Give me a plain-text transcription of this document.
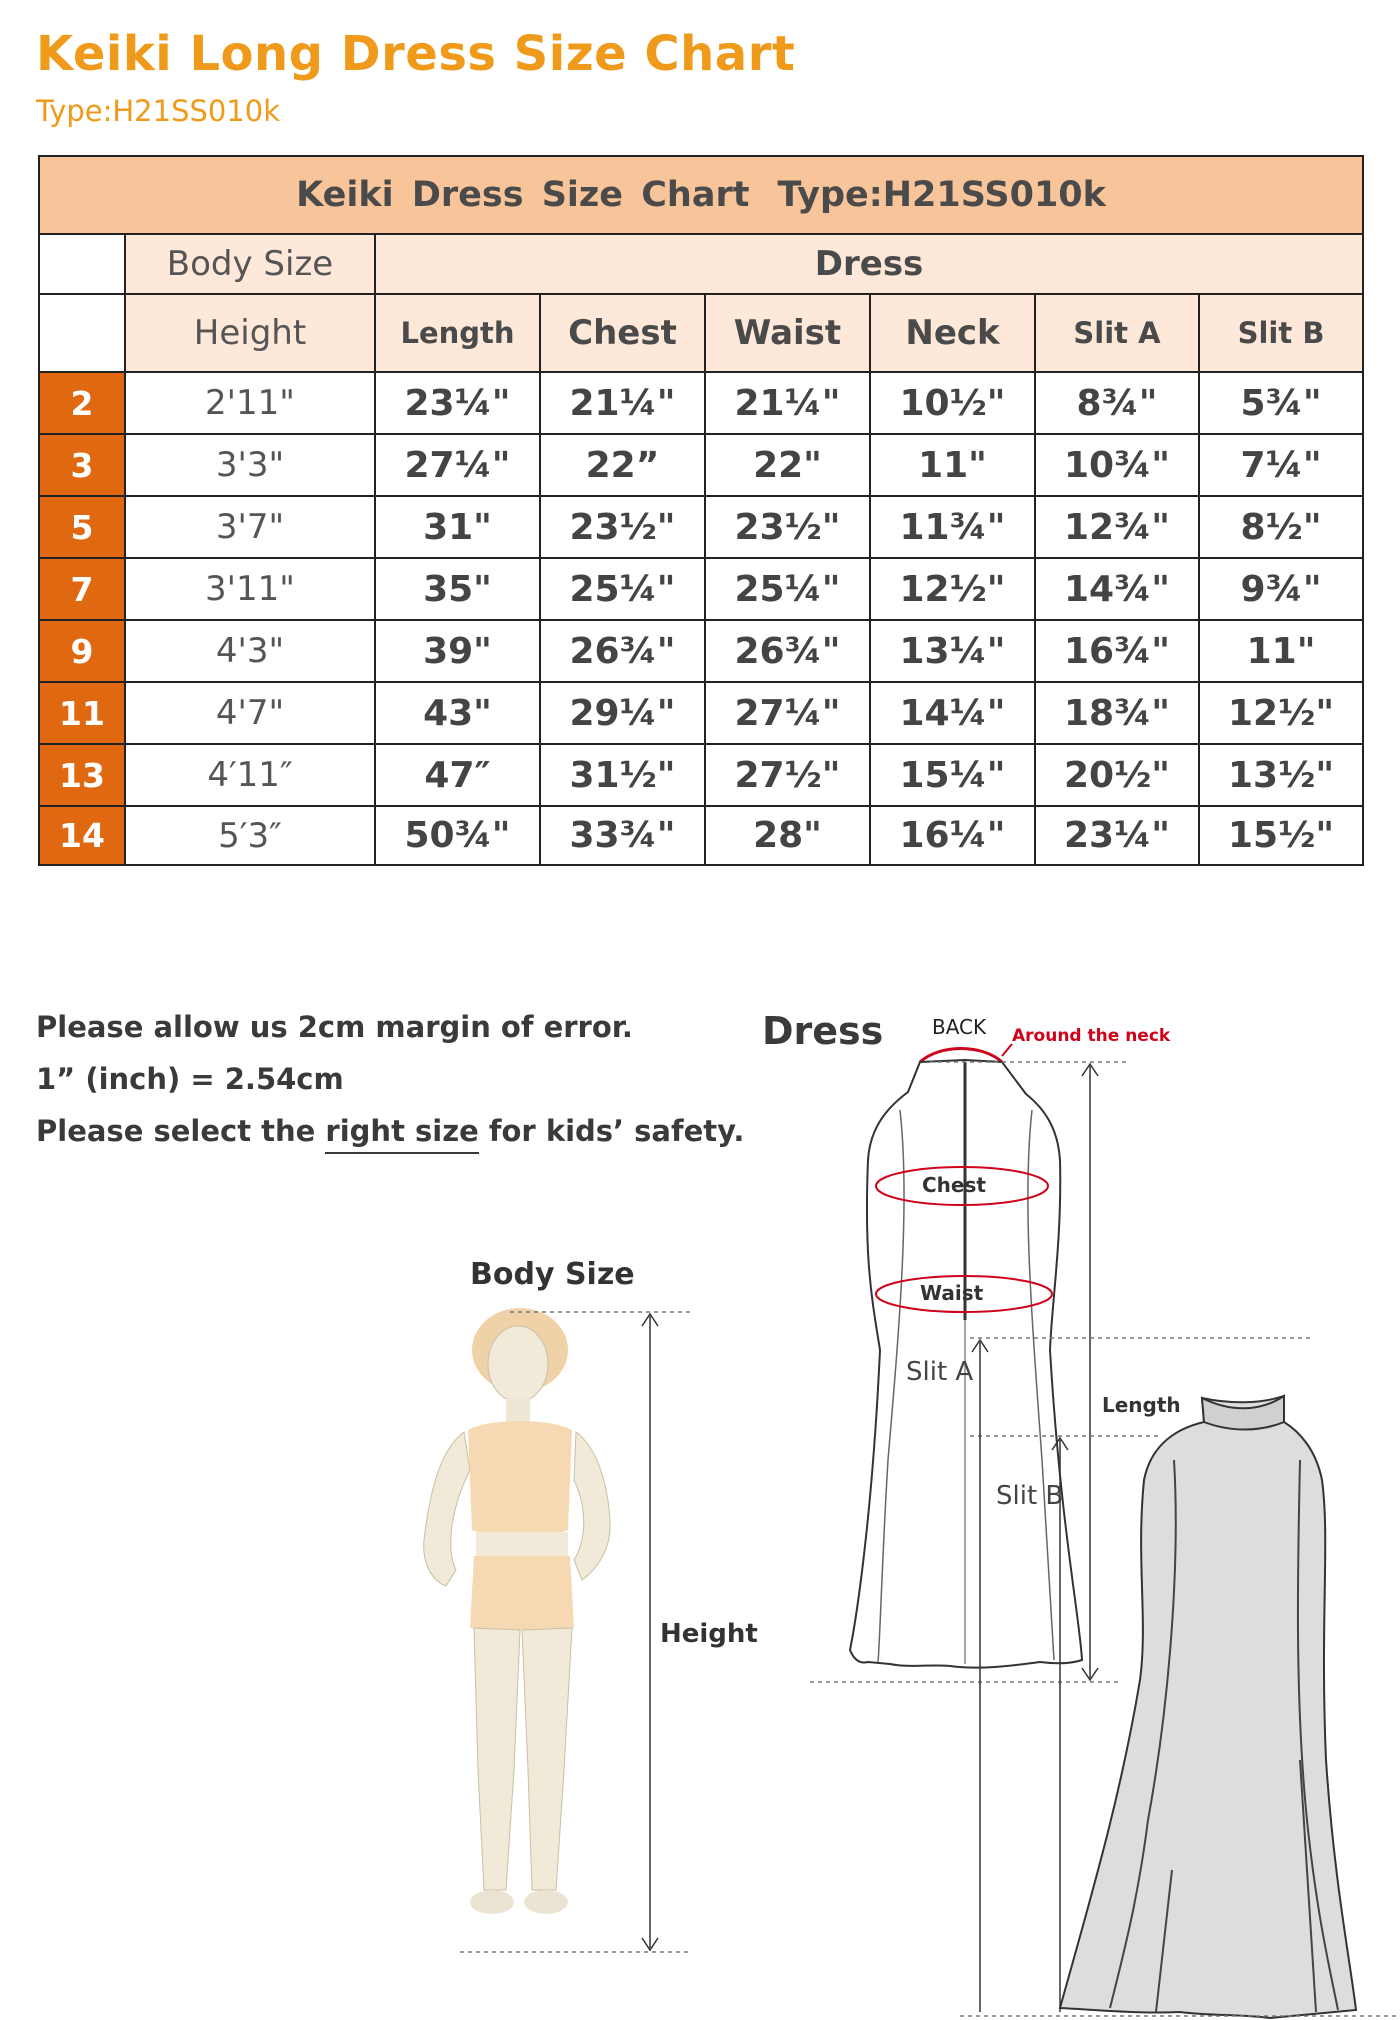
Keiki Long Dress Size Chart
Type:H21SS010k
Keiki Dress Size Chart Type:H21SS010k							
	Body Size	Dress					
	Height	Length	Chest	Waist	Neck	Slit A	Slit B
2	2'11"	23¼"	21¼"	21¼"	10½"	8¾"	5¾"
3	3'3"	27¼"	22”	22"	11"	10¾"	7¼"
5	3'7"	31"	23½"	23½"	11¾"	12¾"	8½"
7	3'11"	35"	25¼"	25¼"	12½"	14¾"	9¾"
9	4'3"	39"	26¾"	26¾"	13¼"	16¾"	11"
11	4'7"	43"	29¼"	27¼"	14¼"	18¾"	12½"
13	4′11″	47″	31½"	27½"	15¼"	20½"	13½"
14	5′3″	50¾"	33¾"	28"	16¼"	23¼"	15½"
Please allow us 2cm margin of error.
1” (inch) = 2.54cm
Please select the right size for kids’ safety.
Dress BACK Around the neck
Chest
Waist
Length
Slit A
Slit B
Body Size
Height
